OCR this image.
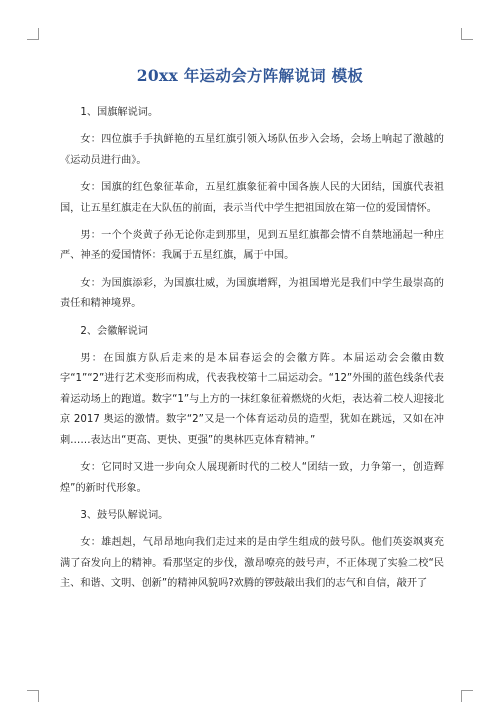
20xx 年运动会方阵解说词 模板

1、国旗解说词。

女：四位旗手手执鲜艳的五星红旗引领入场队伍步入会场，会场上响起了激越的《运动员进行曲》。

女：国旗的红色象征革命，五星红旗象征着中国各族人民的大团结，国旗代表祖国，让五星红旗走在大队伍的前面，表示当代中学生把祖国放在第一位的爱国情怀。

男：一个个炎黄子孙无论你走到那里，见到五星红旗都会情不自禁地涌起一种庄严、神圣的爱国情怀：我属于五星红旗，属于中国。

女：为国旗添彩，为国旗壮威，为国旗增辉，为祖国增光是我们中学生最崇高的责任和精神境界。

2、会徽解说词

男：在国旗方队后走来的是本届春运会的会徽方阵。本届运动会会徽由数字“1”“2”进行艺术变形而构成，代表我校第十二届运动会。“12”外围的蓝色线条代表着运动场上的跑道。数字“1”与上方的一抹红象征着燃烧的火炬，表达着二校人迎接北京 2017 奥运的激情。数字“2”又是一个体育运动员的造型，犹如在跳远，又如在冲刺……表达出“更高、更快、更强”的奥林匹克体育精神。”

女：它同时又进一步向众人展现新时代的二校人“团结一致，力争第一，创造辉煌”的新时代形象。

3、鼓号队解说词。

女：雄赳赳，气昂昂地向我们走过来的是由学生组成的鼓号队。他们英姿飒爽充满了奋发向上的精神。看那坚定的步伐，激昂嘹亮的鼓号声，不正体现了实验二校“民主、和谐、文明、创新”的精神风貌吗?欢腾的锣鼓敲出我们的志气和自信，敲开了
